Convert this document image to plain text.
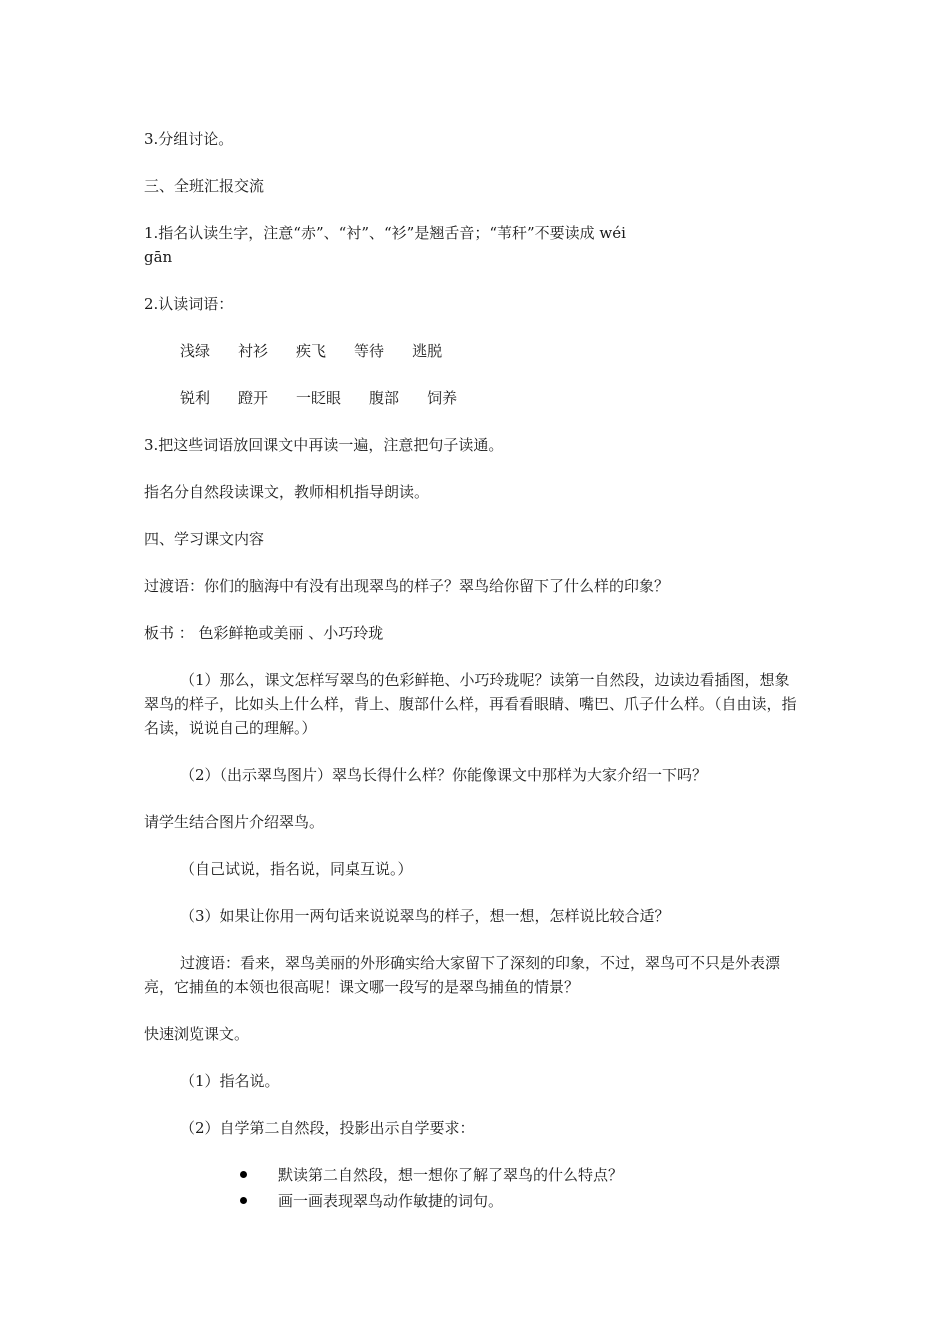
3.分组讨论。

三、全班汇报交流

1.指名认读生字，注意“赤”、“衬”、“衫”是翘舌音；“苇秆”不要读成 wéi

gān

2.认读词语：

浅绿 衬衫 疾飞 等待 逃脱

锐利 蹬开 一眨眼 腹部 饲养

3.把这些词语放回课文中再读一遍，注意把句子读通。

指名分自然段读课文，教师相机指导朗读。

四、学习课文内容

过渡语：你们的脑海中有没有出现翠鸟的样子？翠鸟给你留下了什么样的印象？

板书 ： 色彩鲜艳或美丽 、小巧玲珑

（1）那么，课文怎样写翠鸟的色彩鲜艳、小巧玲珑呢？读第一自然段，边读边看插图，想象翠鸟的样子，比如头上什么样，背上、腹部什么样，再看看眼睛、嘴巴、爪子什么样。（自由读，指名读，说说自己的理解。）

（2）（出示翠鸟图片）翠鸟长得什么样？你能像课文中那样为大家介绍一下吗？

请学生结合图片介绍翠鸟。

（自己试说，指名说，同桌互说。）

（3）如果让你用一两句话来说说翠鸟的样子，想一想，怎样说比较合适？

过渡语：看来，翠鸟美丽的外形确实给大家留下了深刻的印象，不过，翠鸟可不只是外表漂亮，它捕鱼的本领也很高呢！课文哪一段写的是翠鸟捕鱼的情景？

快速浏览课文。

（1）指名说。

（2）自学第二自然段，投影出示自学要求：

默读第二自然段，想一想你了解了翠鸟的什么特点？
画一画表现翠鸟动作敏捷的词句。
